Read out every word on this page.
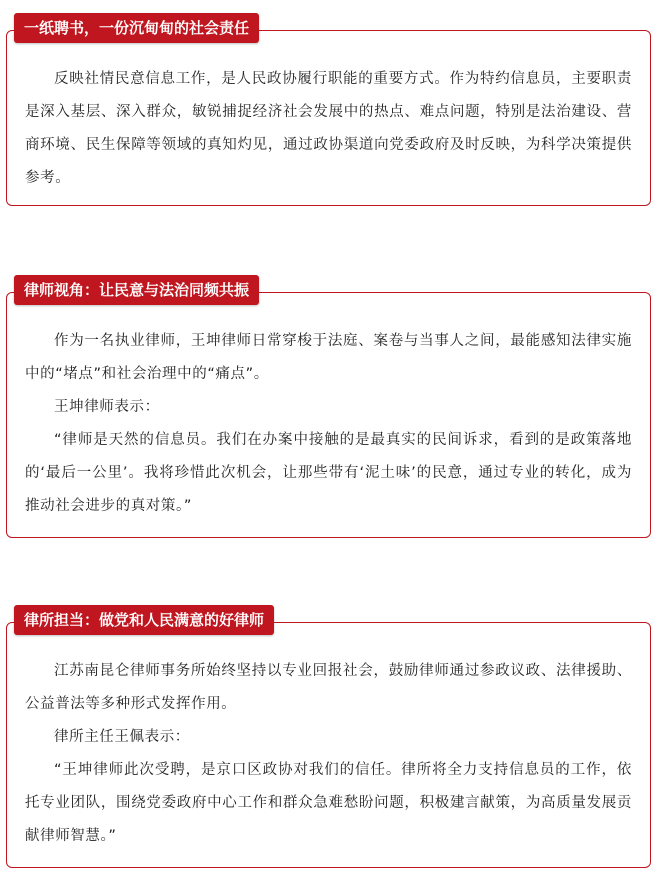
反映社情民意信息工作，是人民政协履行职能的重要方式。作为特约信息员，主要职责是深入基层、深入群众，敏锐捕捉经济社会发展中的热点、难点问题，特别是法治建设、营商环境、民生保障等领域的真知灼见，通过政协渠道向党委政府及时反映，为科学决策提供参考。

一纸聘书，一份沉甸甸的社会责任

作为一名执业律师，王坤律师日常穿梭于法庭、案卷与当事人之间，最能感知法律实施中的“堵点”和社会治理中的“痛点”。

王坤律师表示：

“律师是天然的信息员。我们在办案中接触的是最真实的民间诉求，看到的是政策落地的‘最后一公里’。我将珍惜此次机会，让那些带有‘泥土味’的民意，通过专业的转化，成为推动社会进步的真对策。”

律师视角：让民意与法治同频共振

江苏南昆仑律师事务所始终坚持以专业回报社会，鼓励律师通过参政议政、法律援助、公益普法等多种形式发挥作用。

律所主任王佩表示：

“王坤律师此次受聘，是京口区政协对我们的信任。律所将全力支持信息员的工作，依托专业团队，围绕党委政府中心工作和群众急难愁盼问题，积极建言献策，为高质量发展贡献律师智慧。”

律所担当：做党和人民满意的好律师
